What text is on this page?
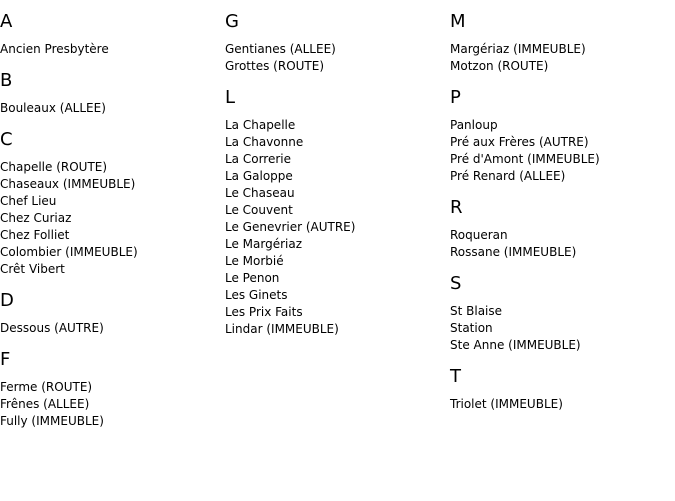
A
Ancien Presbytère
B
Bouleaux (ALLEE)
C
Chapelle (ROUTE)
Chaseaux (IMMEUBLE)
Chef Lieu
Chez Curiaz
Chez Folliet
Colombier (IMMEUBLE)
Crêt Vibert
D
Dessous (AUTRE)
F
Ferme (ROUTE)
Frênes (ALLEE)
Fully (IMMEUBLE)
G
Gentianes (ALLEE)
Grottes (ROUTE)
L
La Chapelle
La Chavonne
La Correrie
La Galoppe
Le Chaseau
Le Couvent
Le Genevrier (AUTRE)
Le Margériaz
Le Morbié
Le Penon
Les Ginets
Les Prix Faits
Lindar (IMMEUBLE)
M
Margériaz (IMMEUBLE)
Motzon (ROUTE)
P
Panloup
Pré aux Frères (AUTRE)
Pré d'Amont (IMMEUBLE)
Pré Renard (ALLEE)
R
Roqueran
Rossane (IMMEUBLE)
S
St Blaise
Station
Ste Anne (IMMEUBLE)
T
Triolet (IMMEUBLE)
